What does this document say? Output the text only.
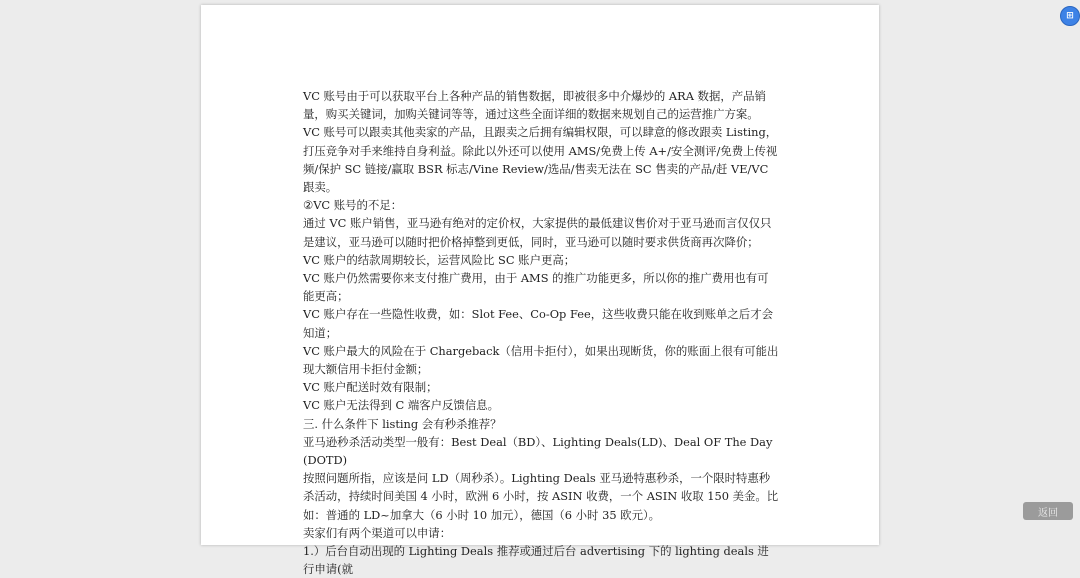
VC 账号由于可以获取平台上各种产品的销售数据，即被很多中介爆炒的 ARA 数据，产品销量，购买关键词，加购关键词等等，通过这些全面详细的数据来规划自己的运营推广方案。

VC 账号可以跟卖其他卖家的产品，且跟卖之后拥有编辑权限，可以肆意的修改跟卖 Listing，打压竞争对手来维持自身利益。除此以外还可以使用 AMS/免费上传 A+/安全测评/免费上传视频/保护 SC 链接/赢取 BSR 标志/Vine Review/选品/售卖无法在 SC 售卖的产品/赶 VE/VC 跟卖。

②VC 账号的不足：

通过 VC 账户销售，亚马逊有绝对的定价权，大家提供的最低建议售价对于亚马逊而言仅仅只是建议，亚马逊可以随时把价格掉整到更低，同时，亚马逊可以随时要求供货商再次降价；

VC 账户的结款周期较长，运营风险比 SC 账户更高；

VC 账户仍然需要你来支付推广费用，由于 AMS 的推广功能更多，所以你的推广费用也有可能更高；

VC 账户存在一些隐性收费，如：Slot Fee、Co-Op Fee，这些收费只能在收到账单之后才会知道；

VC 账户最大的风险在于 Chargeback（信用卡拒付），如果出现断货，你的账面上很有可能出现大额信用卡拒付金额；

VC 账户配送时效有限制；

VC 账户无法得到 C 端客户反馈信息。

三. 什么条件下 listing 会有秒杀推荐？

亚马逊秒杀活动类型一般有：Best Deal（BD）、Lighting Deals(LD)、Deal OF The Day(DOTD)

按照问题所指，应该是问 LD（周秒杀）。Lighting Deals 亚马逊特惠秒杀，一个限时特惠秒杀活动，持续时间美国 4 小时，欧洲 6 小时，按 ASIN 收费，一个 ASIN 收取 150 美金。比如：普通的 LD~加拿大（6 小时 10 加元），德国（6 小时 35 欧元）。

卖家们有两个渠道可以申请：

1.）后台自动出现的 Lighting Deals 推荐或通过后台 advertising 下的 lighting deals 进行申请(就

⊞
返回
